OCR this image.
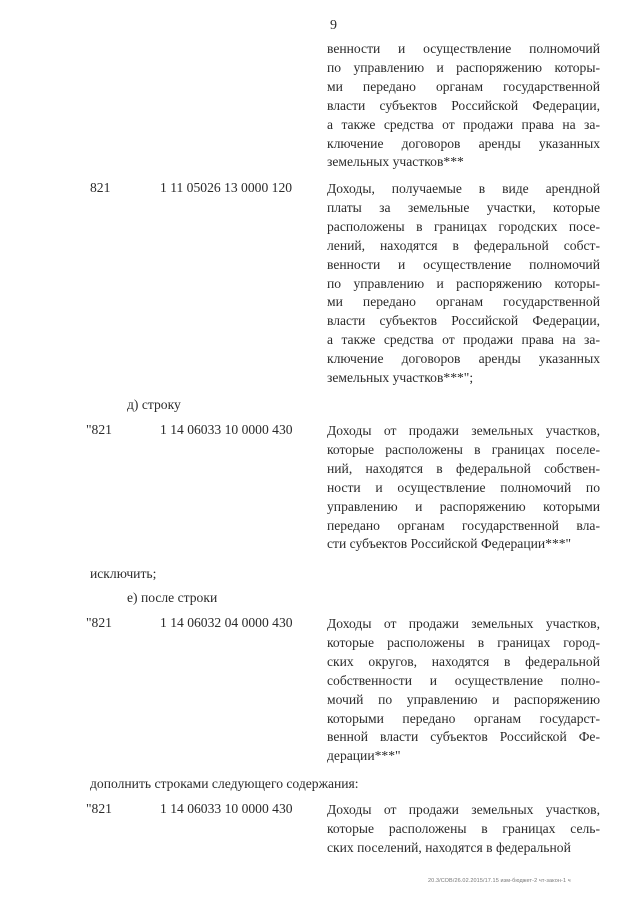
9
венности и осуществление полномочий
по управлению и распоряжению которы-
ми передано органам государственной
власти субъектов Российской Федерации,
а также средства от продажи права на за-
ключение договоров аренды указанных
земельных участков***
821	1 11 05026 13 0000 120	Доходы, получаемые в виде арендной
платы за земельные участки, которые
расположены в границах городских посе-
лений, находятся в федеральной собст-
венности и осуществление полномочий
по управлению и распоряжению которы-
ми передано органам государственной
власти субъектов Российской Федерации,
а также средства от продажи права на за-
ключение договоров аренды указанных
земельных участков***";
д) строку
"821	1 14 06033 10 0000 430	Доходы от продажи земельных участков,
которые расположены в границах поселе-
ний, находятся в федеральной собствен-
ности и осуществление полномочий по
управлению и распоряжению которыми
передано органам государственной вла-
сти субъектов Российской Федерации***"
исключить;
е) после строки
"821	1 14 06032 04 0000 430	Доходы от продажи земельных участков,
которые расположены в границах город-
ских округов, находятся в федеральной
собственности и осуществление полно-
мочий по управлению и распоряжению
которыми передано органам государст-
венной власти субъектов Российской Фе-
дерации***"
дополнить строками следующего содержания:
"821	1 14 06033 10 0000 430	Доходы от продажи земельных участков,
которые расположены в границах сель-
ских поселений, находятся в федеральной
20.3/СОВ/26.02.2015/17.15 изм-бюджет-2 чт-закон-1 ч
